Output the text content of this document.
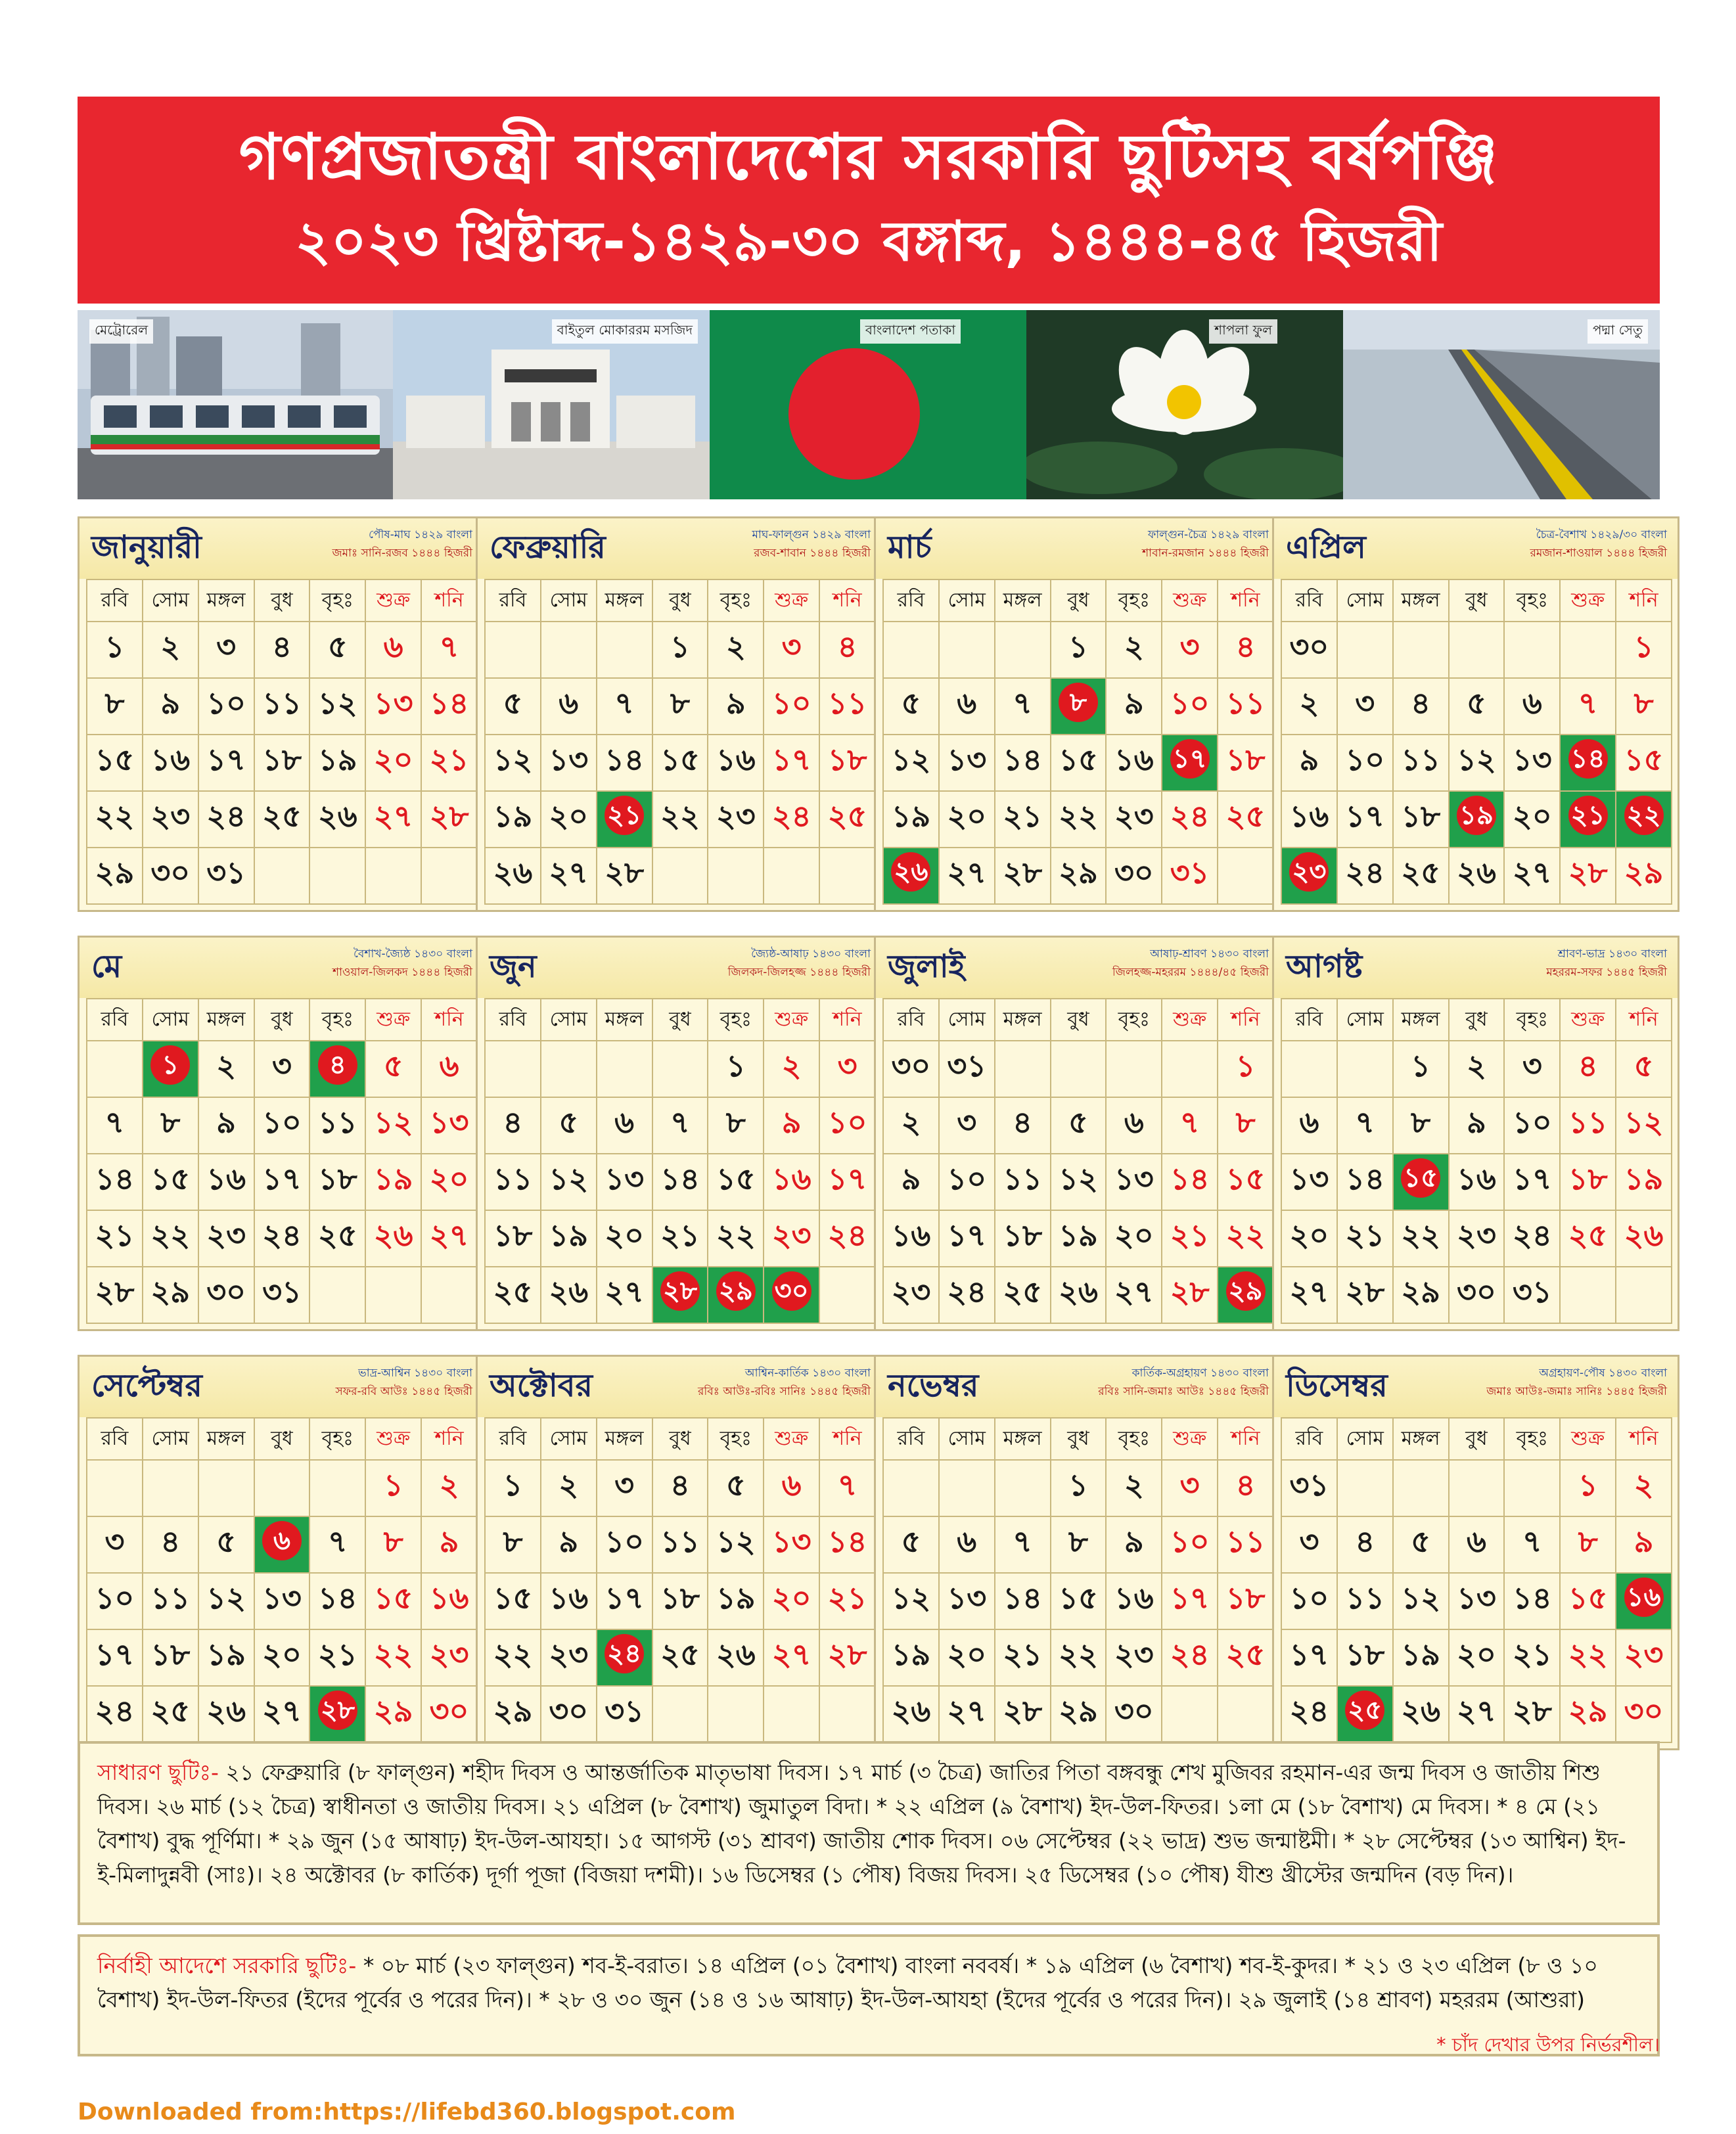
গণপ্রজাতন্ত্রী বাংলাদেশের সরকারি ছুটিসহ বর্ষপঞ্জি
২০২৩ খ্রিষ্টাব্দ-১৪২৯-৩০ বঙ্গাব্দ, ১৪৪৪-৪৫ হিজরী
মেট্রোরেল	বাইতুল মোকাররম মসজিদ	বাংলাদেশ পতাকা	শাপলা ফুল	পদ্মা সেতু
জানুয়ারী	পৌষ-মাঘ ১৪২৯ বাংলা
জমাঃ সানি-রজব ১৪৪৪ হিজরী
রবি	সোম	মঙ্গল	বুধ	বৃহঃ	শুক্র	শনি

১	২	৩	৪	৫	৬	৭

৮	৯	১০	১১	১২	১৩	১৪

১৫	১৬	১৭	১৮	১৯	২০	২১

২২	২৩	২৪	২৫	২৬	২৭	২৮

২৯	৩০	৩১				

ফেব্রুয়ারি	মাঘ-ফাল্গুন ১৪২৯ বাংলা
রজব-শাবান ১৪৪৪ হিজরী
রবি	সোম	মঙ্গল	বুধ	বৃহঃ	শুক্র	শনি

			১	২	৩	৪

৫	৬	৭	৮	৯	১০	১১

১২	১৩	১৪	১৫	১৬	১৭	১৮

১৯	২০	২১	২২	২৩	২৪	২৫

২৬	২৭	২৮				

মার্চ	ফাল্গুন-চৈত্র ১৪২৯ বাংলা
শাবান-রমজান ১৪৪৪ হিজরী
রবি	সোম	মঙ্গল	বুধ	বৃহঃ	শুক্র	শনি

			১	২	৩	৪

৫	৬	৭	৮	৯	১০	১১

১২	১৩	১৪	১৫	১৬	১৭	১৮

১৯	২০	২১	২২	২৩	২৪	২৫

২৬	২৭	২৮	২৯	৩০	৩১	

এপ্রিল	চৈত্র-বৈশাখ ১৪২৯/৩০ বাংলা
রমজান-শাওয়াল ১৪৪৪ হিজরী
রবি	সোম	মঙ্গল	বুধ	বৃহঃ	শুক্র	শনি

৩০						১

২	৩	৪	৫	৬	৭	৮

৯	১০	১১	১২	১৩	১৪	১৫

১৬	১৭	১৮	১৯	২০	২১	২২
২৩	২৪	২৫	২৬	২৭	২৮	২৯
মে	বৈশাখ-জ্যৈষ্ঠ ১৪৩০ বাংলা
শাওয়াল-জিলকদ ১৪৪৪ হিজরী
রবি	সোম	মঙ্গল	বুধ	বৃহঃ	শুক্র	শনি
	১	২	৩	৪	৫	৬

৭	৮	৯	১০	১১	১২	১৩

১৪	১৫	১৬	১৭	১৮	১৯	২০

২১	২২	২৩	২৪	২৫	২৬	২৭

২৮	২৯	৩০	৩১			

জুন	জ্যৈষ্ঠ-আষাঢ় ১৪৩০ বাংলা
জিলকদ-জিলহজ্জ ১৪৪৪ হিজরী
রবি	সোম	মঙ্গল	বুধ	বৃহঃ	শুক্র	শনি

				১	২	৩

৪	৫	৬	৭	৮	৯	১০

১১	১২	১৩	১৪	১৫	১৬	১৭

১৮	১৯	২০	২১	২২	২৩	২৪

২৫	২৬	২৭	২৮	২৯	৩০	
জুলাই	আষাঢ়-শ্রাবণ ১৪৩০ বাংলা
জিলহজ্জ-মহররম ১৪৪৪/৪৫ হিজরী
রবি	সোম	মঙ্গল	বুধ	বৃহঃ	শুক্র	শনি

৩০	৩১					১

২	৩	৪	৫	৬	৭	৮

৯	১০	১১	১২	১৩	১৪	১৫

১৬	১৭	১৮	১৯	২০	২১	২২

২৩	২৪	২৫	২৬	২৭	২৮	২৯
আগষ্ট	শ্রাবণ-ভাদ্র ১৪৩০ বাংলা
মহররম-সফর ১৪৪৫ হিজরী
রবি	সোম	মঙ্গল	বুধ	বৃহঃ	শুক্র	শনি

		১	২	৩	৪	৫

৬	৭	৮	৯	১০	১১	১২

১৩	১৪	১৫	১৬	১৭	১৮	১৯

২০	২১	২২	২৩	২৪	২৫	২৬

২৭	২৮	২৯	৩০	৩১		

সেপ্টেম্বর	ভাদ্র-আশ্বিন ১৪৩০ বাংলা
সফর-রবি আউঃ ১৪৪৫ হিজরী
রবি	সোম	মঙ্গল	বুধ	বৃহঃ	শুক্র	শনি

					১	২

৩	৪	৫	৬	৭	৮	৯

১০	১১	১২	১৩	১৪	১৫	১৬

১৭	১৮	১৯	২০	২১	২২	২৩

২৪	২৫	২৬	২৭	২৮	২৯	৩০
অক্টোবর	আশ্বিন-কার্তিক ১৪৩০ বাংলা
রবিঃ আউঃ-রবিঃ সানিঃ ১৪৪৫ হিজরী
রবি	সোম	মঙ্গল	বুধ	বৃহঃ	শুক্র	শনি

১	২	৩	৪	৫	৬	৭

৮	৯	১০	১১	১২	১৩	১৪

১৫	১৬	১৭	১৮	১৯	২০	২১

২২	২৩	২৪	২৫	২৬	২৭	২৮

২৯	৩০	৩১				

নভেম্বর	কার্তিক-অগ্রহায়ণ ১৪৩০ বাংলা
রবিঃ সানি-জমাঃ আউঃ ১৪৪৫ হিজরী
রবি	সোম	মঙ্গল	বুধ	বৃহঃ	শুক্র	শনি

			১	২	৩	৪

৫	৬	৭	৮	৯	১০	১১

১২	১৩	১৪	১৫	১৬	১৭	১৮

১৯	২০	২১	২২	২৩	২৪	২৫

২৬	২৭	২৮	২৯	৩০		

ডিসেম্বর	অগ্রহায়ণ-পৌষ ১৪৩০ বাংলা
জমাঃ আউঃ-জমাঃ সানিঃ ১৪৪৫ হিজরী
রবি	সোম	মঙ্গল	বুধ	বৃহঃ	শুক্র	শনি

৩১					১	২

৩	৪	৫	৬	৭	৮	৯

১০	১১	১২	১৩	১৪	১৫	১৬

১৭	১৮	১৯	২০	২১	২২	২৩

২৪	২৫	২৬	২৭	২৮	২৯	৩০
সাধারণ ছুটিঃ- ২১ ফেব্রুয়ারি (৮ ফাল্গুন) শহীদ দিবস ও আন্তর্জাতিক মাতৃভাষা দিবস। ১৭ মার্চ (৩ চৈত্র) জাতির পিতা বঙ্গবন্ধু শেখ মুজিবর রহমান-এর জন্ম দিবস ও জাতীয় শিশু দিবস। ২৬ মার্চ (১২ চৈত্র) স্বাধীনতা ও জাতীয় দিবস। ২১ এপ্রিল (৮ বৈশাখ) জুমাতুল বিদা। * ২২ এপ্রিল (৯ বৈশাখ) ইদ-উল-ফিতর। ১লা মে (১৮ বৈশাখ) মে দিবস। * ৪ মে (২১ বৈশাখ) বুদ্ধ পূর্ণিমা। * ২৯ জুন (১৫ আষাঢ়) ইদ-উল-আযহা। ১৫ আগস্ট (৩১ শ্রাবণ) জাতীয় শোক দিবস। ০৬ সেপ্টেম্বর (২২ ভাদ্র) শুভ জন্মাষ্টমী। * ২৮ সেপ্টেম্বর (১৩ আশ্বিন) ইদ-ই-মিলাদুন্নবী (সাঃ)। ২৪ অক্টোবর (৮ কার্তিক) দূর্গা পূজা (বিজয়া দশমী)। ১৬ ডিসেম্বর (১ পৌষ) বিজয় দিবস। ২৫ ডিসেম্বর (১০ পৌষ) যীশু খ্রীস্টের জন্মদিন (বড় দিন)।
নির্বাহী আদেশে সরকারি ছুটিঃ- * ০৮ মার্চ (২৩ ফাল্গুন) শব-ই-বরাত। ১৪ এপ্রিল (০১ বৈশাখ) বাংলা নববর্ষ। * ১৯ এপ্রিল (৬ বৈশাখ) শব-ই-কুদর। * ২১ ও ২৩ এপ্রিল (৮ ও ১০ বৈশাখ) ইদ-উল-ফিতর (ইদের পূর্বের ও পরের দিন)। * ২৮ ও ৩০ জুন (১৪ ও ১৬ আষাঢ়) ইদ-উল-আযহা (ইদের পূর্বের ও পরের দিন)। ২৯ জুলাই (১৪ শ্রাবণ) মহররম (আশুরা)
* চাঁদ দেখার উপর নির্ভরশীল।
Downloaded from:https://lifebd360.blogspot.com
